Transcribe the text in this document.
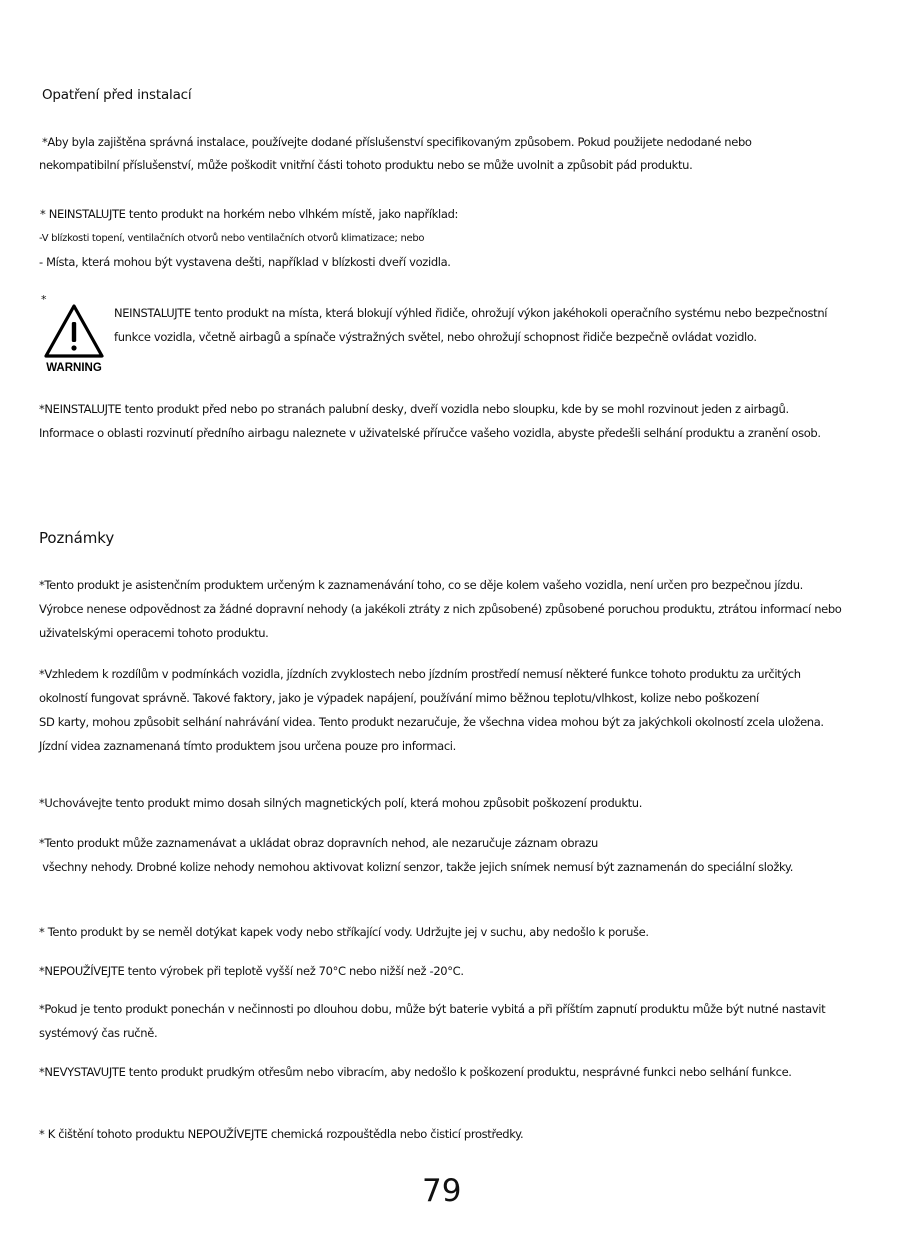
Opatření před instalací
*Aby byla zajištěna správná instalace, používejte dodané příslušenství specifikovaným způsobem. Pokud použijete nedodané nebo
nekompatibilní příslušenství, může poškodit vnitřní části tohoto produktu nebo se může uvolnit a způsobit pád produktu.
* NEINSTALUJTE tento produkt na horkém nebo vlhkém místě, jako například:
-V blízkosti topení, ventilačních otvorů nebo ventilačních otvorů klimatizace; nebo
- Místa, která mohou být vystavena dešti, například v blízkosti dveří vozidla.
*
WARNING
NEINSTALUJTE tento produkt na místa, která blokují výhled řidiče, ohrožují výkon jakéhokoli operačního systému nebo bezpečnostní
funkce vozidla, včetně airbagů a spínače výstražných světel, nebo ohrožují schopnost řidiče bezpečně ovládat vozidlo.
*NEINSTALUJTE tento produkt před nebo po stranách palubní desky, dveří vozidla nebo sloupku, kde by se mohl rozvinout jeden z airbagů.
Informace o oblasti rozvinutí předního airbagu naleznete v uživatelské příručce vašeho vozidla, abyste předešli selhání produktu a zranění osob.
Poznámky
*Tento produkt je asistenčním produktem určeným k zaznamenávání toho, co se děje kolem vašeho vozidla, není určen pro bezpečnou jízdu.
Výrobce nenese odpovědnost za žádné dopravní nehody (a jakékoli ztráty z nich způsobené) způsobené poruchou produktu, ztrátou informací nebo
uživatelskými operacemi tohoto produktu.
*Vzhledem k rozdílům v podmínkách vozidla, jízdních zvyklostech nebo jízdním prostředí nemusí některé funkce tohoto produktu za určitých
okolností fungovat správně. Takové faktory, jako je výpadek napájení, používání mimo běžnou teplotu/vlhkost, kolize nebo poškození
SD karty, mohou způsobit selhání nahrávání videa. Tento produkt nezaručuje, že všechna videa mohou být za jakýchkoli okolností zcela uložena.
Jízdní videa zaznamenaná tímto produktem jsou určena pouze pro informaci.
*Uchovávejte tento produkt mimo dosah silných magnetických polí, která mohou způsobit poškození produktu.
*Tento produkt může zaznamenávat a ukládat obraz dopravních nehod, ale nezaručuje záznam obrazu
všechny nehody. Drobné kolize nehody nemohou aktivovat kolizní senzor, takže jejich snímek nemusí být zaznamenán do speciální složky.
* Tento produkt by se neměl dotýkat kapek vody nebo stříkající vody. Udržujte jej v suchu, aby nedošlo k poruše.
*NEPOUŽÍVEJTE tento výrobek při teplotě vyšší než 70°C nebo nižší než -20°C.
*Pokud je tento produkt ponechán v nečinnosti po dlouhou dobu, může být baterie vybitá a při příštím zapnutí produktu může být nutné nastavit
systémový čas ručně.
*NEVYSTAVUJTE tento produkt prudkým otřesům nebo vibracím, aby nedošlo k poškození produktu, nesprávné funkci nebo selhání funkce.
* K čištění tohoto produktu NEPOUŽÍVEJTE chemická rozpouštědla nebo čisticí prostředky.
79
